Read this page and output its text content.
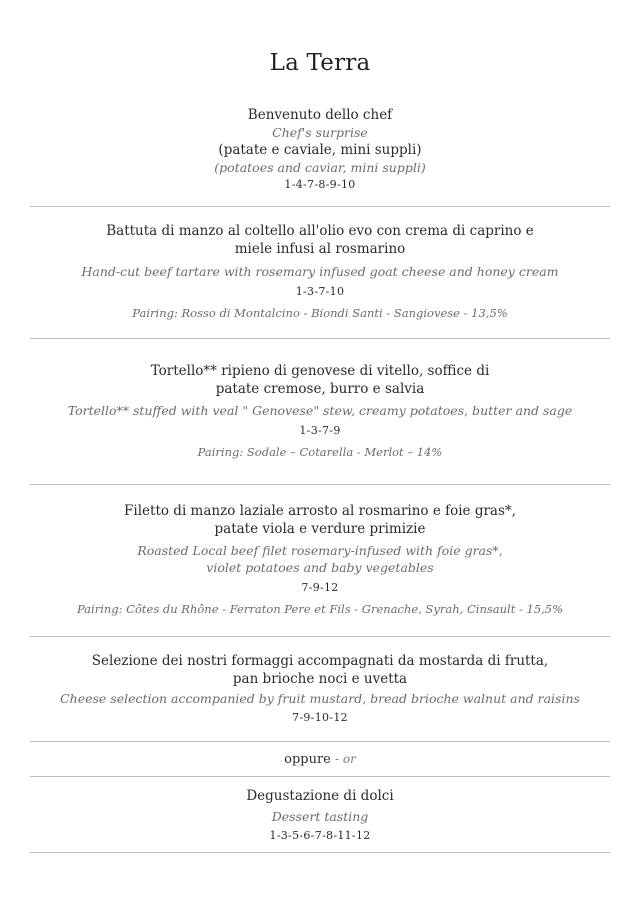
La Terra
Benvenuto dello chef
Chef's surprise
(patate e caviale, mini suppli)
(potatoes and caviar, mini suppli)
1-4-7-8-9-10
Battuta di manzo al coltello all'olio evo con crema di caprino e
miele infusi al rosmarino
Hand-cut beef tartare with rosemary infused goat cheese and honey cream
1-3-7-10
Pairing: Rosso di Montalcino - Biondi Santi - Sangiovese - 13,5%
Tortello** ripieno di genovese di vitello, soffice di
patate cremose, burro e salvia
Tortello** stuffed with veal " Genovese" stew, creamy potatoes, butter and sage
1-3-7-9
Pairing: Sodale – Cotarella - Merlot – 14%
Filetto di manzo laziale arrosto al rosmarino e foie gras*,
patate viola e verdure primizie
Roasted Local beef filet rosemary-infused with foie gras*,
violet potatoes and baby vegetables
7-9-12
Pairing: Côtes du Rhône - Ferraton Pere et Fils - Grenache, Syrah, Cinsault - 15,5%
Selezione dei nostri formaggi accompagnati da mostarda di frutta,
pan brioche noci e uvetta
Cheese selection accompanied by fruit mustard, bread brioche walnut and raisins
7-9-10-12
oppure - or
Degustazione di dolci
Dessert tasting
1-3-5-6-7-8-11-12
